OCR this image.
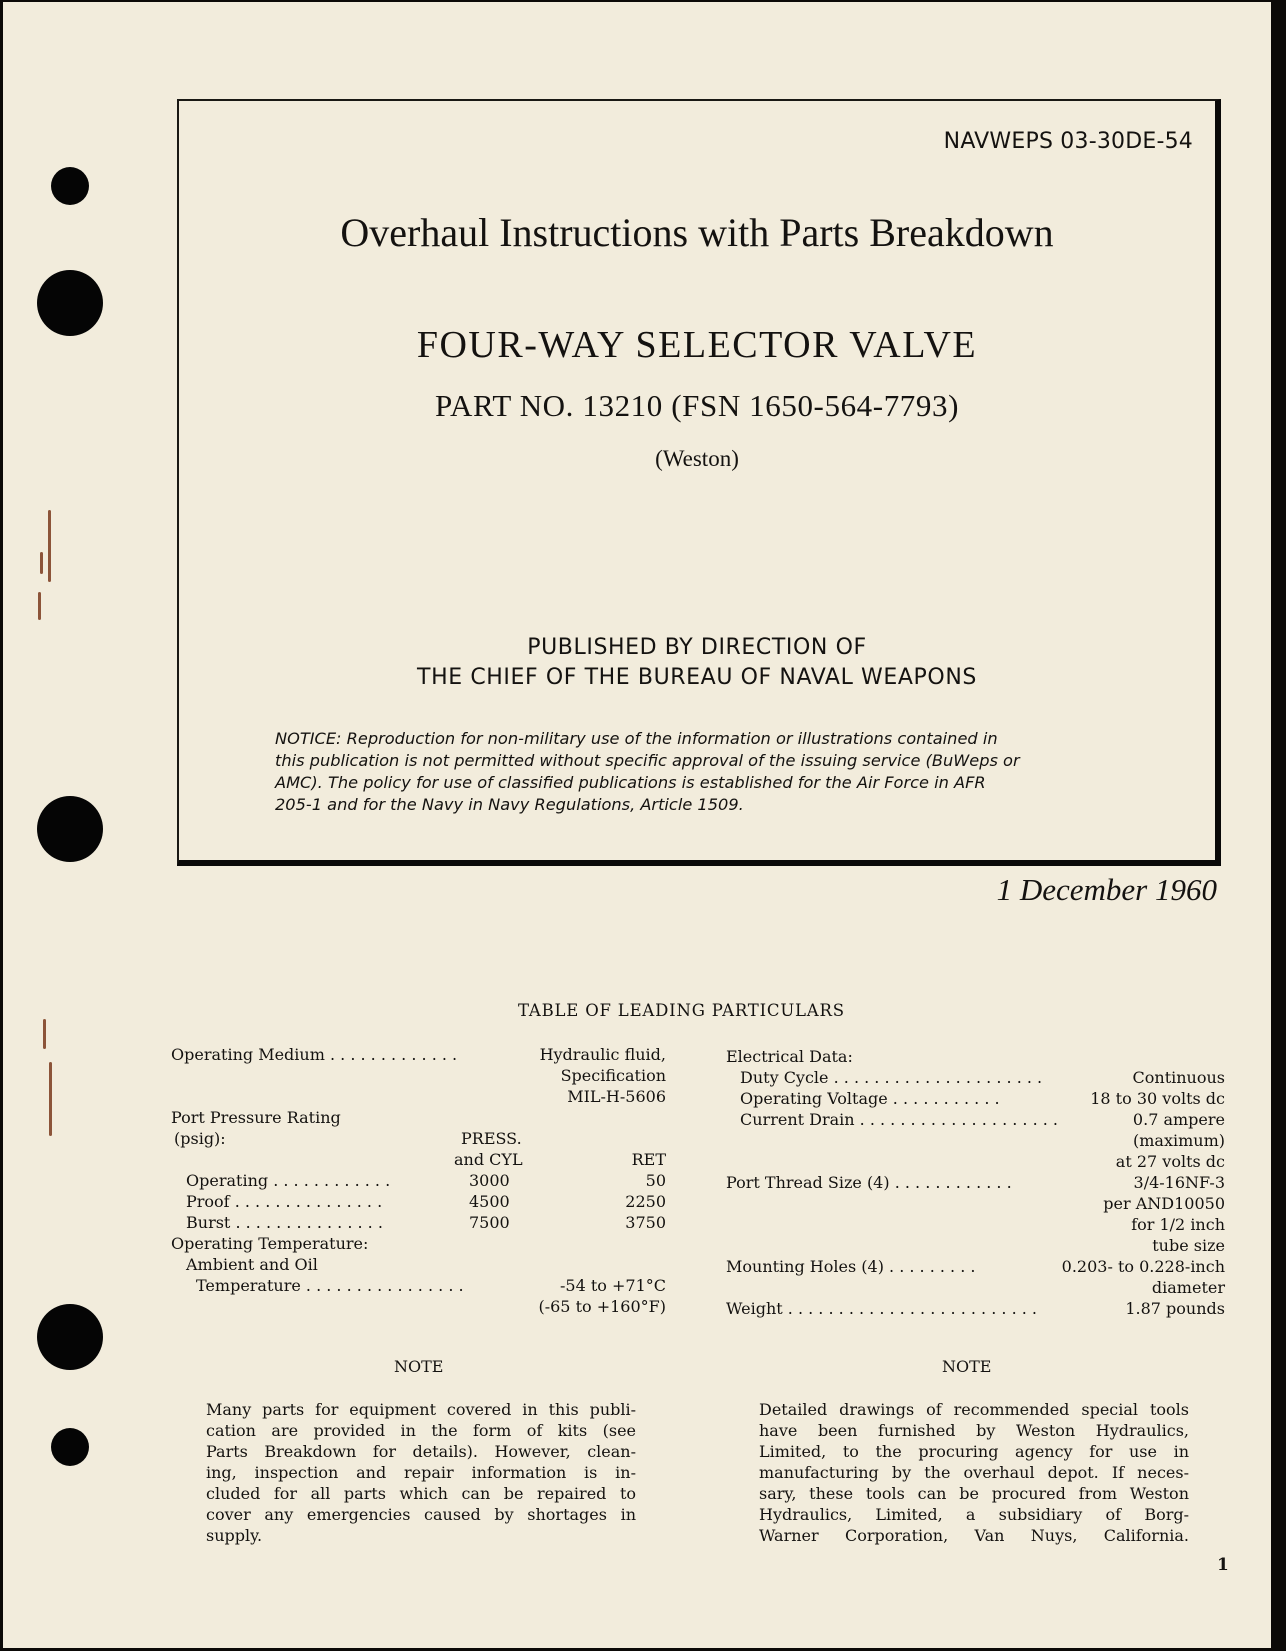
NAVWEPS 03-30DE-54
Overhaul Instructions with Parts Breakdown
FOUR-WAY SELECTOR VALVE
PART NO. 13210 (FSN 1650-564-7793)
(Weston)
PUBLISHED BY DIRECTION OF
THE CHIEF OF THE BUREAU OF NAVAL WEAPONS
NOTICE: Reproduction for non-military use of the information or illustrations contained in
this publication is not permitted without specific approval of the issuing service (BuWeps or
AMC). The policy for use of classified publications is established for the Air Force in AFR
205-1 and for the Navy in Navy Regulations, Article 1509.
1 December 1960
TABLE OF LEADING PARTICULARS
Operating Medium . . . . . . . . . . . . .	Hydraulic fluid,
Specification
MIL-H-5606
Port Pressure Rating
(psig):	PRESS.
and CYL	RET
Operating . . . . . . . . . . . .	3000	50
Proof . . . . . . . . . . . . . . .	4500	2250
Burst . . . . . . . . . . . . . . .	7500	3750
Operating Temperature:
Ambient and Oil
Temperature . . . . . . . . . . . . . . . .	-54 to +71°C
(-65 to +160°F)
Electrical Data:
Duty Cycle . . . . . . . . . . . . . . . . . . . . .	Continuous
Operating Voltage . . . . . . . . . . .	18 to 30 volts dc
Current Drain . . . . . . . . . . . . . . . . . . . .	0.7 ampere
(maximum)
at 27 volts dc
Port Thread Size (4) . . . . . . . . . . . .	3/4-16NF-3
per AND10050
for 1/2 inch
tube size
Mounting Holes (4) . . . . . . . . .	0.203- to 0.228-inch
diameter
Weight . . . . . . . . . . . . . . . . . . . . . . . . .	1.87 pounds
NOTE
Many parts for equipment covered in this publi-
cation are provided in the form of kits (see
Parts Breakdown for details). However, clean-
ing, inspection and repair information is in-
cluded for all parts which can be repaired to
cover any emergencies caused by shortages in
supply.
NOTE
Detailed drawings of recommended special tools
have been furnished by Weston Hydraulics,
Limited, to the procuring agency for use in
manufacturing by the overhaul depot. If neces-
sary, these tools can be procured from Weston
Hydraulics, Limited, a subsidiary of Borg-
Warner Corporation, Van Nuys, California.
1
